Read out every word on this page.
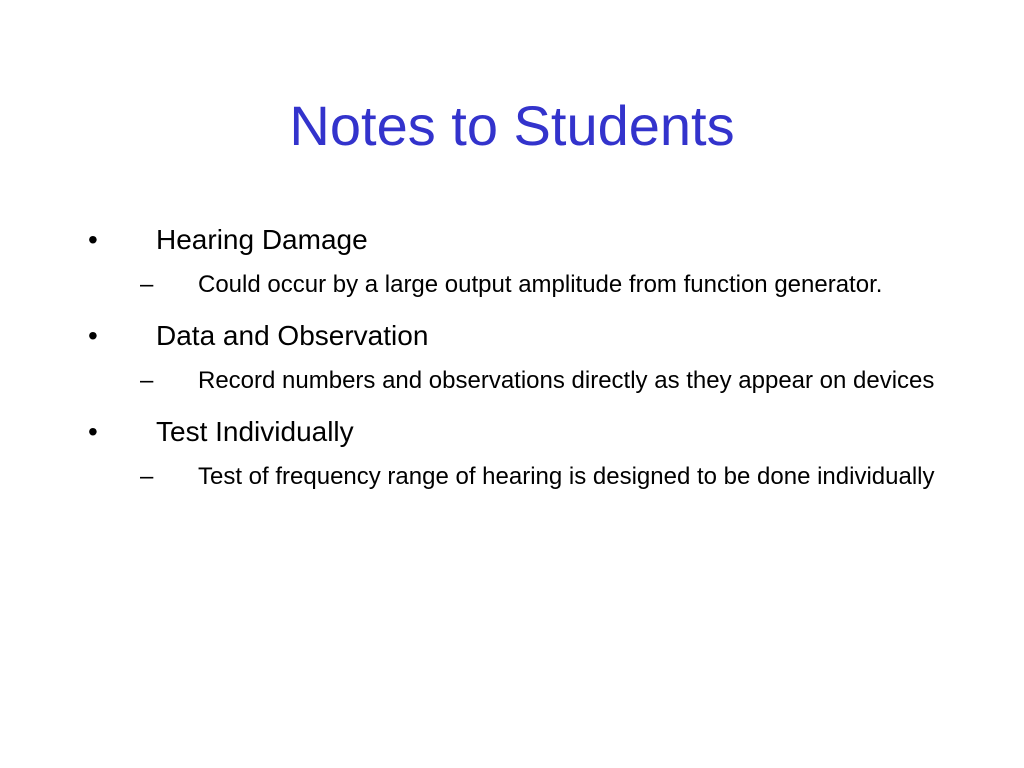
Notes to Students
• Hearing Damage
– Could occur by a large output amplitude from function generator.
• Data and Observation
– Record numbers and observations directly as they appear on devices
• Test Individually
– Test of frequency range of hearing is designed to be done individually
